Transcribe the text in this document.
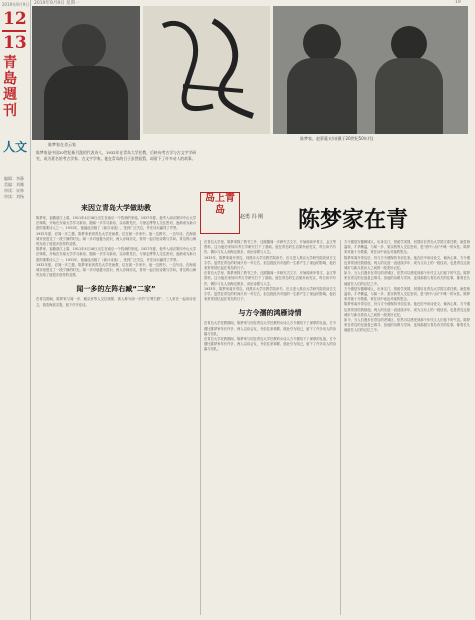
2019年9月9日
12
13
青
島
週
刊
人文
编辑：李静
美编：刘娜
审读：宋林
审读：刘杨
2019年9月9日 星期一	19
陈梦家在舍云家
陈梦家、赵萝蕤夫妇(摄于20世纪50年代)
岛上青岛
赵勇 冯 刚 陈梦家在青

陈梦家是中国20世纪新月派的代表诗人，1932年在青岛大学任教，后转向考古学与古文字学研究，成为著名的考古学家、古文字学家。他在青岛的日子虽然短暂，却留下了许多动人的故事。

来因立青岛大学做助教

陈梦家，祖籍浙江上虞，1911年4月16日出生在南京一个牧师的家庭。1927年夏，他考入南京第四中山大学法律系，开始在东南大学学习新诗，随闻一多学习新诗，以诗歌见长，与徐志摩等人交往密切，逐渐成为新月派的重要诗人之一。1931年，他编选出版了《新月诗选》，受到广泛关注，并在诗坛赢得了声誉。

1932年夏，应闻一多之邀，陈梦家来到青岛大学任助教，住在闻一多家中。他一边教书，一边写诗，在海滨城市里度过了一段宁静的时光。闻一多对他极为赏识，两人亦师亦友，常常一起讨论诗歌与学问。青岛的山海风光给了他很多创作的灵感。

陈梦家，祖籍浙江上虞，1911年4月16日出生在南京一个牧师的家庭。1927年夏，他考入南京第四中山大学法律系，开始在东南大学学习新诗，随闻一多学习新诗，以诗歌见长，与徐志摩等人交往密切，逐渐成为新月派的重要诗人之一。1931年，他编选出版了《新月诗选》，受到广泛关注，并在诗坛赢得了声誉。

1932年夏，应闻一多之邀，陈梦家来到青岛大学任助教，住在闻一多家中。他一边教书，一边写诗，在海滨城市里度过了一段宁静的时光。闻一多对他极为赏识，两人亦师亦友，常常一起讨论诗歌与学问。青岛的山海风光给了他很多创作的灵感。

闻一多的左阵右臧“二家”

在青岛期间，陈梦家与闻一多、臧克家等人交往频繁，被人称为闻一多的“左臂右膀”。三人常在一起谈诗论文，游览海滨名胜，留下许多佳话。

在青岛大学里，陈梦家除了教书之外，还跟随闻一多研究古文字，开始阅读甲骨文、金文等资料，这为他后来转向考古学研究打下了基础。他在青岛的生活简朴而充实，每日读书写作，偶尔与友人到海边散步，谈论诗歌与人生。

1933年，陈梦家离开青岛，到燕京大学宗教学院读书，后又进入燕京大学研究院攻读古文字学。虽然在青岛的时间只有一年左右，但这段经历对他的一生都产生了深远的影响，他后来常常回忆起在青岛的日子。

在青岛大学里，陈梦家除了教书之外，还跟随闻一多研究古文字，开始阅读甲骨文、金文等资料，这为他后来转向考古学研究打下了基础。他在青岛的生活简朴而充实，每日读书写作，偶尔与友人到海边散步，谈论诗歌与人生。

1933年，陈梦家离开青岛，到燕京大学宗教学院读书，后又进入燕京大学研究院攻读古文字学。虽然在青岛的时间只有一年左右，但这段经历对他的一生都产生了深远的影响，他后来常常回忆起在青岛的日子。

与方令孺的鸿雁诗情

在青岛大学任教期间，陈梦家与同在青岛大学任教的女诗人方令孺结下了深厚的友谊。方令孺比陈梦家年长许多，两人以诗会友，书信往来频繁，彼此引为知己，留下了许多动人的诗篇与信札。

在青岛大学任教期间，陈梦家与同在青岛大学任教的女诗人方令孺结下了深厚的友谊。方令孺比陈梦家年长许多，两人以诗会友，书信往来频繁，彼此引为知己，留下了许多动人的诗篇与信札。

方令孺是安徽桐城人，出身名门，曾留学美国，回国后在青岛大学国文系任教。她性格温和，才华横溢，与闻一多、梁实秋等人交往密切，是“酒中八仙”中唯一的女性。陈梦家对她十分敬重，常在诗中表达对她的思念。

陈梦家离开青岛后，仍与方令孺保持书信往来。他在信中谈诗论文，倾诉心事，方令孺也常常回信鼓励他。两人的友谊一直延续多年，成为文坛上的一段佳话，也是青岛这座城市与新月派诗人之间的一段美好记忆。

如今，当人们漫步在青岛的老城区，依然可以感受到那个年代文人们留下的气息。陈梦家在青岛的足迹虽已难寻，但他的诗歌与学问，连同那段与青岛有关的往事，都将长久地留在人们的记忆之中。

方令孺是安徽桐城人，出身名门，曾留学美国，回国后在青岛大学国文系任教。她性格温和，才华横溢，与闻一多、梁实秋等人交往密切，是“酒中八仙”中唯一的女性。陈梦家对她十分敬重，常在诗中表达对她的思念。

陈梦家离开青岛后，仍与方令孺保持书信往来。他在信中谈诗论文，倾诉心事，方令孺也常常回信鼓励他。两人的友谊一直延续多年，成为文坛上的一段佳话，也是青岛这座城市与新月派诗人之间的一段美好记忆。

如今，当人们漫步在青岛的老城区，依然可以感受到那个年代文人们留下的气息。陈梦家在青岛的足迹虽已难寻，但他的诗歌与学问，连同那段与青岛有关的往事，都将长久地留在人们的记忆之中。
